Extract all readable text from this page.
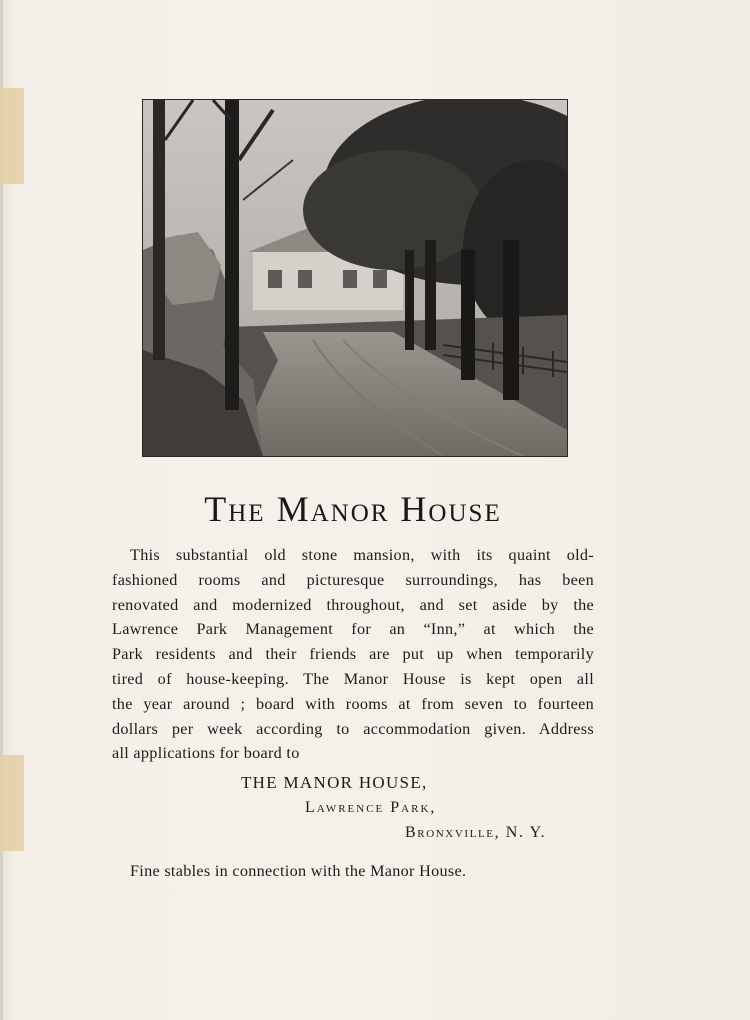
The Manor House

This substantial old stone mansion, with its quaint old-
fashioned rooms and picturesque surroundings, has been
renovated and modernized throughout, and set aside by the
Lawrence Park Management for an “Inn,” at which the
Park residents and their friends are put up when temporarily
tired of house-keeping. The Manor House is kept open all
the year around ; board with rooms at from seven to fourteen
dollars per week according to accommodation given. Address
all applications for board to

THE MANOR HOUSE,

Lawrence Park,

Bronxville, N. Y.

Fine stables in connection with the Manor House.
